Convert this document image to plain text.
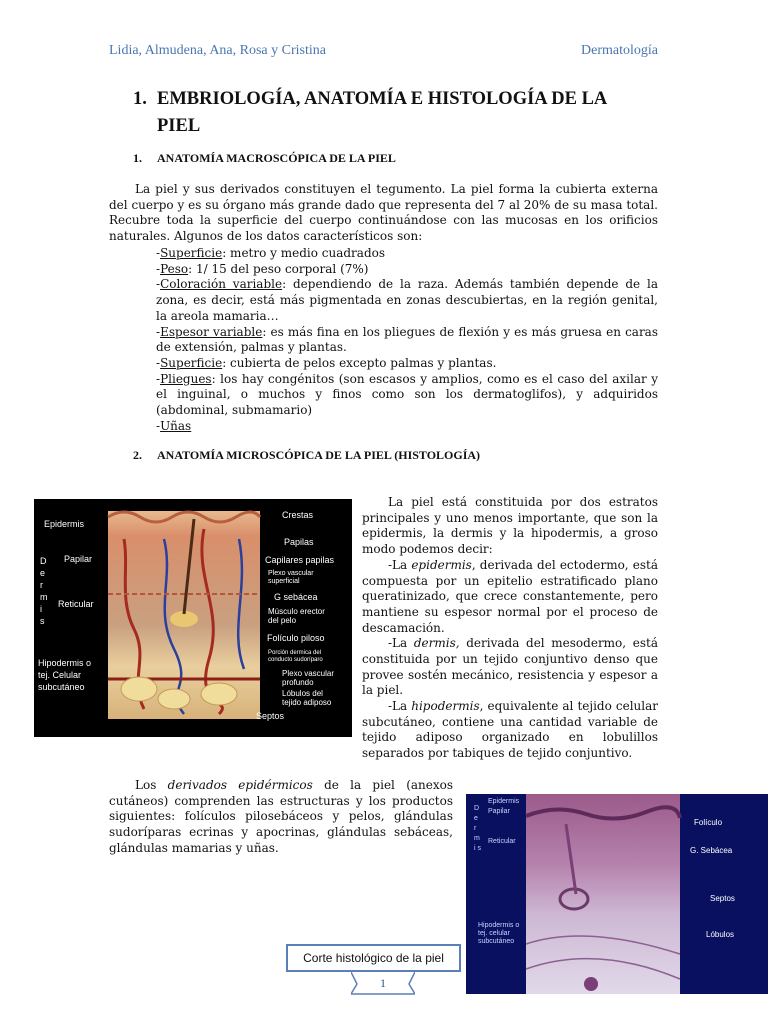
Lidia, Almudena, Ana, Rosa y Cristina	Dermatología
1. EMBRIOLOGÍA, ANATOMÍA E HISTOLOGÍA DE LA
PIEL
1. ANATOMÍA MACROSCÓPICA DE LA PIEL
La piel y sus derivados constituyen el tegumento. La piel forma la cubierta externa del cuerpo y es su órgano más grande dado que representa del 7 al 20% de su masa total. Recubre toda la superficie del cuerpo continuándose con las mucosas en los orificios naturales. Algunos de los datos característicos son:
-Superficie: metro y medio cuadrados
-Peso: 1/ 15 del peso corporal (7%)
-Coloración variable: dependiendo de la raza. Además también depende de la zona, es decir, está más pigmentada en zonas descubiertas, en la región genital, la areola mamaria…
-Espesor variable: es más fina en los pliegues de flexión y es más gruesa en caras de extensión, palmas y plantas.
-Superficie: cubierta de pelos excepto palmas y plantas.
-Pliegues: los hay congénitos (son escasos y amplios, como es el caso del axilar y el inguinal, o muchos y finos como son los dermatoglifos), y adquiridos (abdominal, submamario)
-Uñas
2. ANATOMÍA MICROSCÓPICA DE LA PIEL (HISTOLOGÍA)
Epidermis
Papilar
D e r m i s
Reticular
Hipodermis o
tej. Celular
subcutáneo
Crestas
Papilas
Capilares papilas
Plexo vascular
superficial
G sebácea
Músculo erector
del pelo
Folículo piloso
Porción dermica del
conducto sudoríparo
Plexo vascular
profundo
Lóbulos del
tejido adiposo
Septos
La piel está constituida por dos estratos principales y uno menos importante, que son la epidermis, la dermis y la hipodermis, a groso modo podemos decir:
-La epidermis, derivada del ectodermo, está compuesta por un epitelio estratificado plano queratinizado, que crece constantemente, pero mantiene su espesor normal por el proceso de descamación.
-La dermis, derivada del mesodermo, está constituida por un tejido conjuntivo denso que provee sostén mecánico, resistencia y espesor a la piel.
-La hipodermis, equivalente al tejido celular subcutáneo, contiene una cantidad variable de tejido adiposo organizado en lobulillos separados por tabiques de tejido conjuntivo.
Los derivados epidérmicos de la piel (anexos cutáneos) comprenden las estructuras y los productos siguientes: folículos pilosebáceos y pelos, glándulas sudoríparas ecrinas y apocrinas, glándulas sebáceas, glándulas mamarias y uñas.
D e r m i s
Epidermis
Papilar
Reticular
Hipodermis o
tej. celular
subcutáneo
Folículo
G. Sebácea
Septos
Lóbulos
Corte histológico de la piel
1
